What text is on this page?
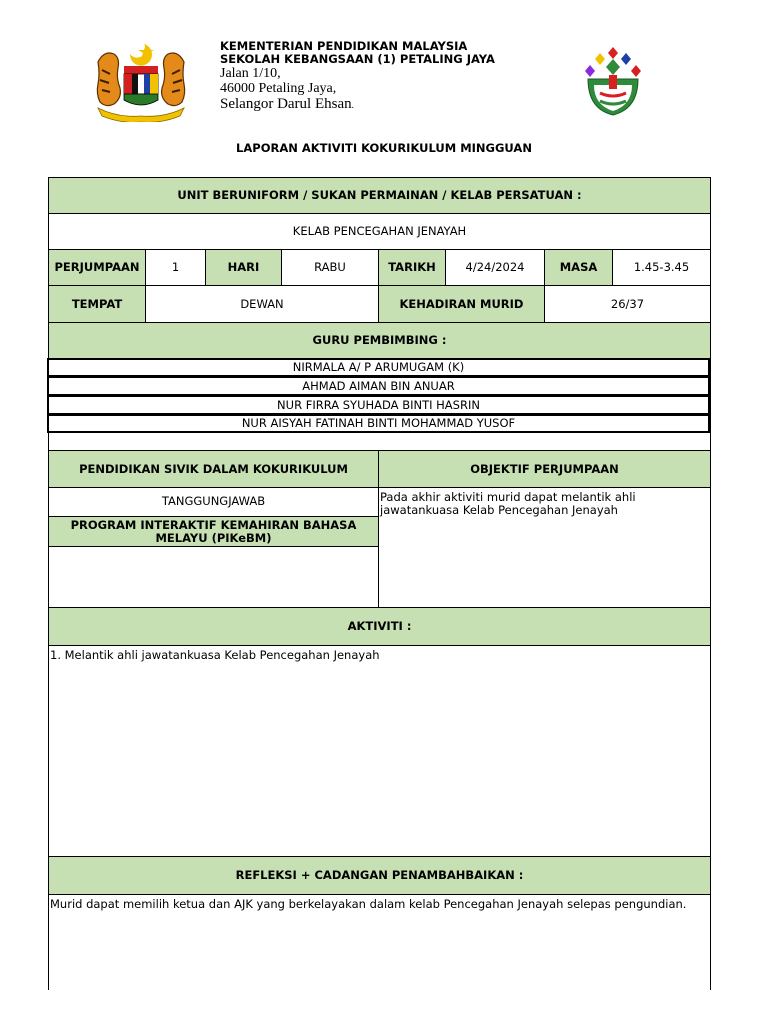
KEMENTERIAN PENDIDIKAN MALAYSIA
SEKOLAH KEBANGSAAN (1) PETALING JAYA
Jalan 1/10,
46000 Petaling Jaya,
Selangor Darul Ehsan.
LAPORAN AKTIVITI KOKURIKULUM MINGGUAN
UNIT BERUNIFORM / SUKAN PERMAINAN / KELAB PERSATUAN :
KELAB PENCEGAHAN JENAYAH
PERJUMPAAN	1	HARI	RABU	TARIKH	4/24/2024	MASA	1.45-3.45
TEMPAT	DEWAN	KEHADIRAN MURID	26/37
GURU PEMBIMBING :
NIRMALA A/ P ARUMUGAM (K)
AHMAD AIMAN BIN ANUAR
NUR FIRRA SYUHADA BINTI HASRIN
NUR AISYAH FATINAH BINTI MOHAMMAD YUSOF
PENDIDIKAN SIVIK DALAM KOKURIKULUM	OBJEKTIF PERJUMPAAN
TANGGUNGJAWAB
PROGRAM INTERAKTIF KEMAHIRAN BAHASA MELAYU (PIKeBM)
Pada akhir aktiviti murid dapat melantik ahli jawatankuasa Kelab Pencegahan Jenayah
AKTIVITI :
1. Melantik ahli jawatankuasa Kelab Pencegahan Jenayah
REFLEKSI + CADANGAN PENAMBAHBAIKAN :
Murid dapat memilih ketua dan AJK yang berkelayakan dalam kelab Pencegahan Jenayah selepas pengundian.
